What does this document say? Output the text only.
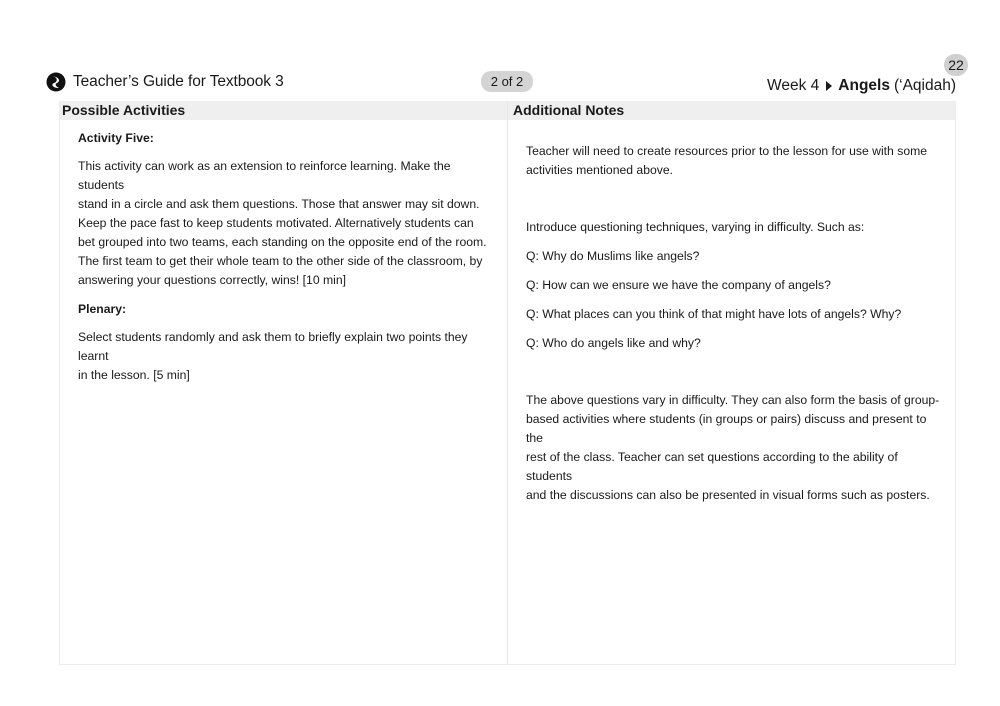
22
Teacher’s Guide for Textbook 3	2 of 2	Week 4 Angels (‘Aqidah)
Possible Activities
Activity Five:
This activity can work as an extension to reinforce learning. Make the students
stand in a circle and ask them questions. Those that answer may sit down.
Keep the pace fast to keep students motivated. Alternatively students can
bet grouped into two teams, each standing on the opposite end of the room.
The first team to get their whole team to the other side of the classroom, by
answering your questions correctly, wins! [10 min]
Plenary:
Select students randomly and ask them to briefly explain two points they learnt
in the lesson. [5 min]
Additional Notes
Teacher will need to create resources prior to the lesson for use with some
activities mentioned above.

Introduce questioning techniques, varying in difficulty. Such as:

Q: Why do Muslims like angels?

Q: How can we ensure we have the company of angels?

Q: What places can you think of that might have lots of angels? Why?

Q: Who do angels like and why?

The above questions vary in difficulty. They can also form the basis of group-
based activities where students (in groups or pairs) discuss and present to the
rest of the class. Teacher can set questions according to the ability of students
and the discussions can also be presented in visual forms such as posters.
